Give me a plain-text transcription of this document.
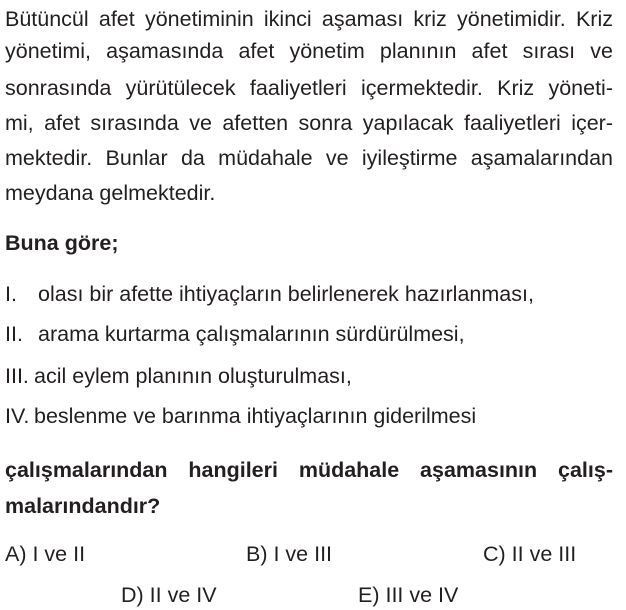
Bütüncül afet yönetiminin ikinci aşaması kriz yönetimidir. Kriz
yönetimi, aşamasında afet yönetim planının afet sırası ve
sonrasında yürütülecek faaliyetleri içermektedir. Kriz yöneti-
mi, afet sırasında ve afetten sonra yapılacak faaliyetleri içer-
mektedir. Bunlar da müdahale ve iyileştirme aşamalarından
meydana gelmektedir.
Buna göre;
I. olası bir afette ihtiyaçların belirlenerek hazırlanması,
II. arama kurtarma çalışmalarının sürdürülmesi,
III. acil eylem planının oluşturulması,
IV. beslenme ve barınma ihtiyaçlarının giderilmesi
çalışmalarından hangileri müdahale aşamasının çalış-
malarındandır?
A) I ve II	B) I ve III	C) II ve III
D) II ve IV	E) III ve IV
